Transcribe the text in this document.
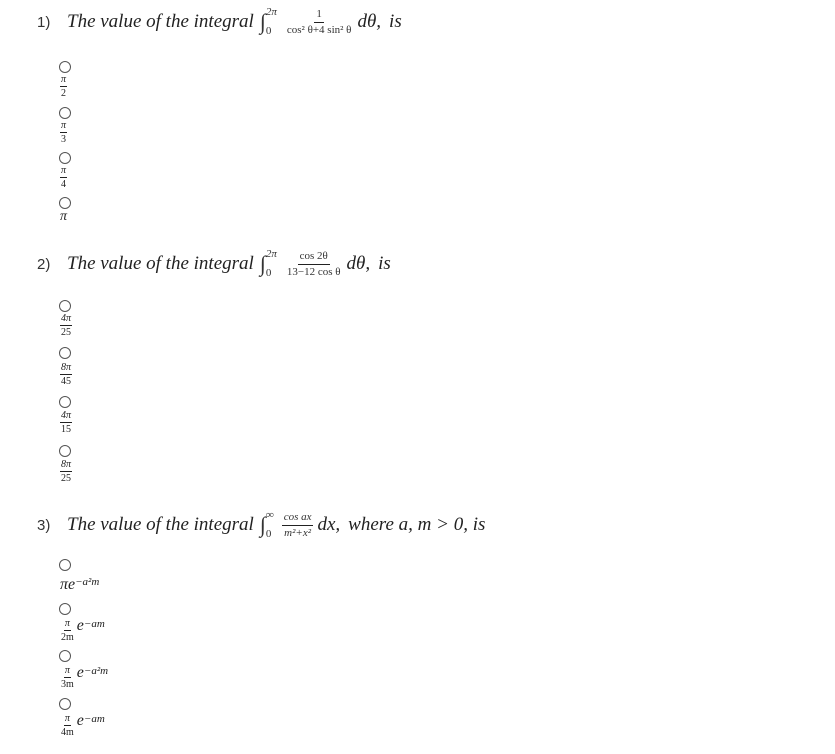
1) The value of the integral ∫ 2π
0	$\frac{1}{\text{cos² θ+4 sin² θ}} d\theta$, is
$\frac{\pi}{2}$
$\frac{\pi}{3}$
$\frac{\pi}{4}$
π
2) The value of the integral ∫ 2π
0	$\frac{\cos 2\theta}{\text{13−12 cos θ}} d\theta$, is
$\frac{4\pi}{25}$
$\frac{8\pi}{45}$
$\frac{4\pi}{15}$
$\frac{8\pi}{25}$
3) The value of the integral ∫ ∞
$0 \frac{\text{cos ax}}{\text{m²+x²}}$ dx, where a, m > 0, is
$\pi e^{-a^2m}$
$\frac{\pi}{2m} e^{-am}$
$\frac{\pi}{3m} e^{-a^2m}$
$\frac{\pi}{4m} e^{-am}$
